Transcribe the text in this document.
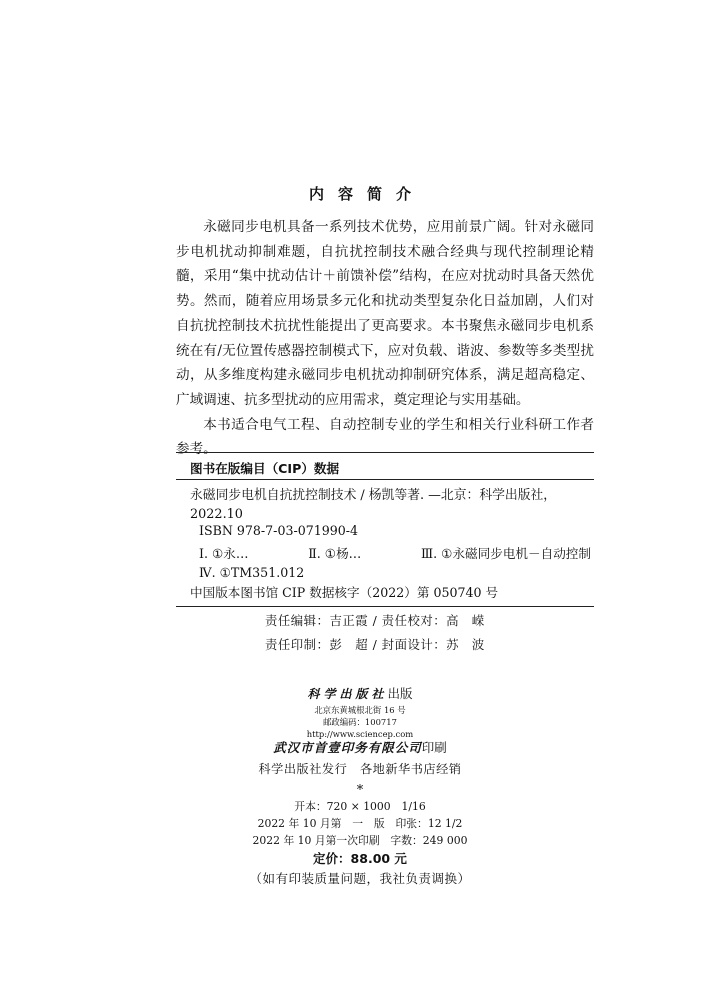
内容简介

永磁同步电机具备一系列技术优势，应用前景广阔。针对永磁同步电机扰动抑制难题，自抗扰控制技术融合经典与现代控制理论精髓，采用“集中扰动估计＋前馈补偿”结构，在应对扰动时具备天然优势。然而，随着应用场景多元化和扰动类型复杂化日益加剧，人们对自抗扰控制技术抗扰性能提出了更高要求。本书聚焦永磁同步电机系统在有/无位置传感器控制模式下，应对负载、谐波、参数等多类型扰动，从多维度构建永磁同步电机扰动抑制研究体系，满足超高稳定、广域调速、抗多型扰动的应用需求，奠定理论与实用基础。

本书适合电气工程、自动控制专业的学生和相关行业科研工作者参考。

图书在版编目（CIP）数据
永磁同步电机自抗扰控制技术 / 杨凯等著. —北京：科学出版社，2022.10
ISBN 978-7-03-071990-4
Ⅰ. ①永…	Ⅱ. ①杨…	Ⅲ. ①永磁同步电机－自动控制
Ⅳ. ①TM351.012
中国版本图书馆 CIP 数据核字（2022）第 050740 号
责任编辑：吉正霞 / 责任校对：高　嵘
责任印制：彭　超 / 封面设计：苏　波
科学出版社出版
北京东黄城根北街 16 号
邮政编码：100717
http://www.sciencep.com
武汉市首壹印务有限公司印刷
科学出版社发行　各地新华书店经销
*
开本：720 × 1000　1/16
2022 年 10 月第　一　版　印张：12 1/2
2022 年 10 月第一次印刷　字数：249 000
定价：88.00 元
（如有印装质量问题，我社负责调换）
